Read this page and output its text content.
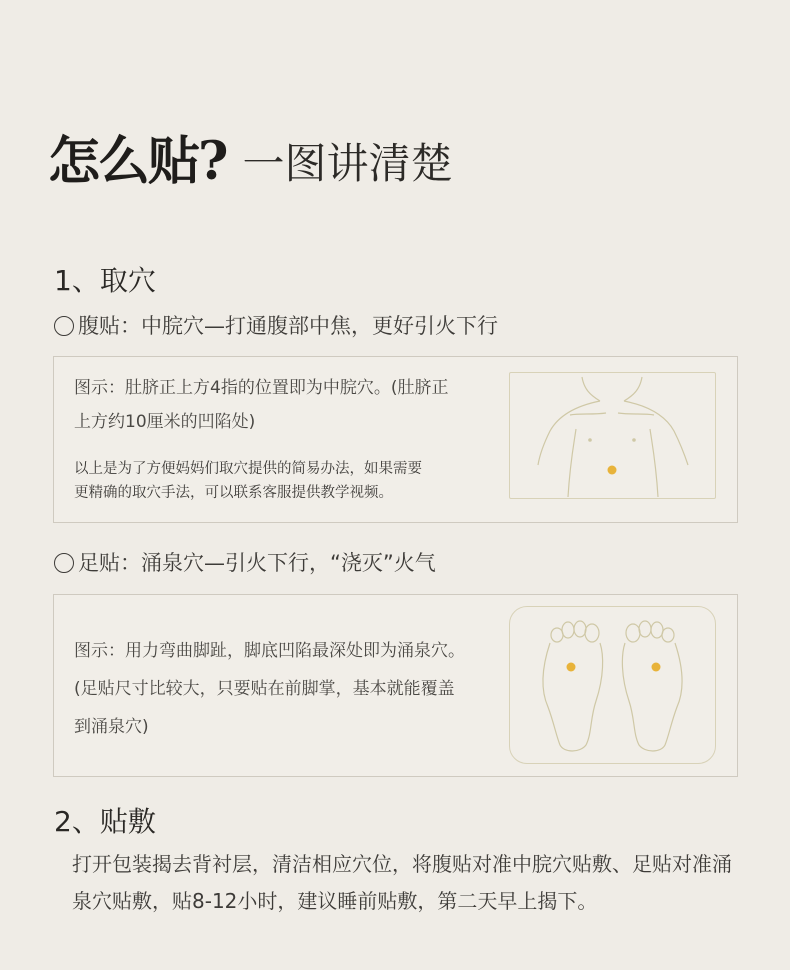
怎么贴? 一图讲清楚
1、取穴
腹贴：中脘穴—打通腹部中焦，更好引火下行
图示：肚脐正上方4指的位置即为中脘穴。(肚脐正
上方约10厘米的凹陷处)
以上是为了方便妈妈们取穴提供的简易办法，如果需要
更精确的取穴手法，可以联系客服提供教学视频。
足贴：涌泉穴—引火下行，“浇灭”火气
图示：用力弯曲脚趾，脚底凹陷最深处即为涌泉穴。
(足贴尺寸比较大，只要贴在前脚掌，基本就能覆盖
到涌泉穴)
2、贴敷
打开包装揭去背衬层，清洁相应穴位，将腹贴对准中脘穴贴敷、足贴对准涌
泉穴贴敷，贴8-12小时，建议睡前贴敷，第二天早上揭下。
